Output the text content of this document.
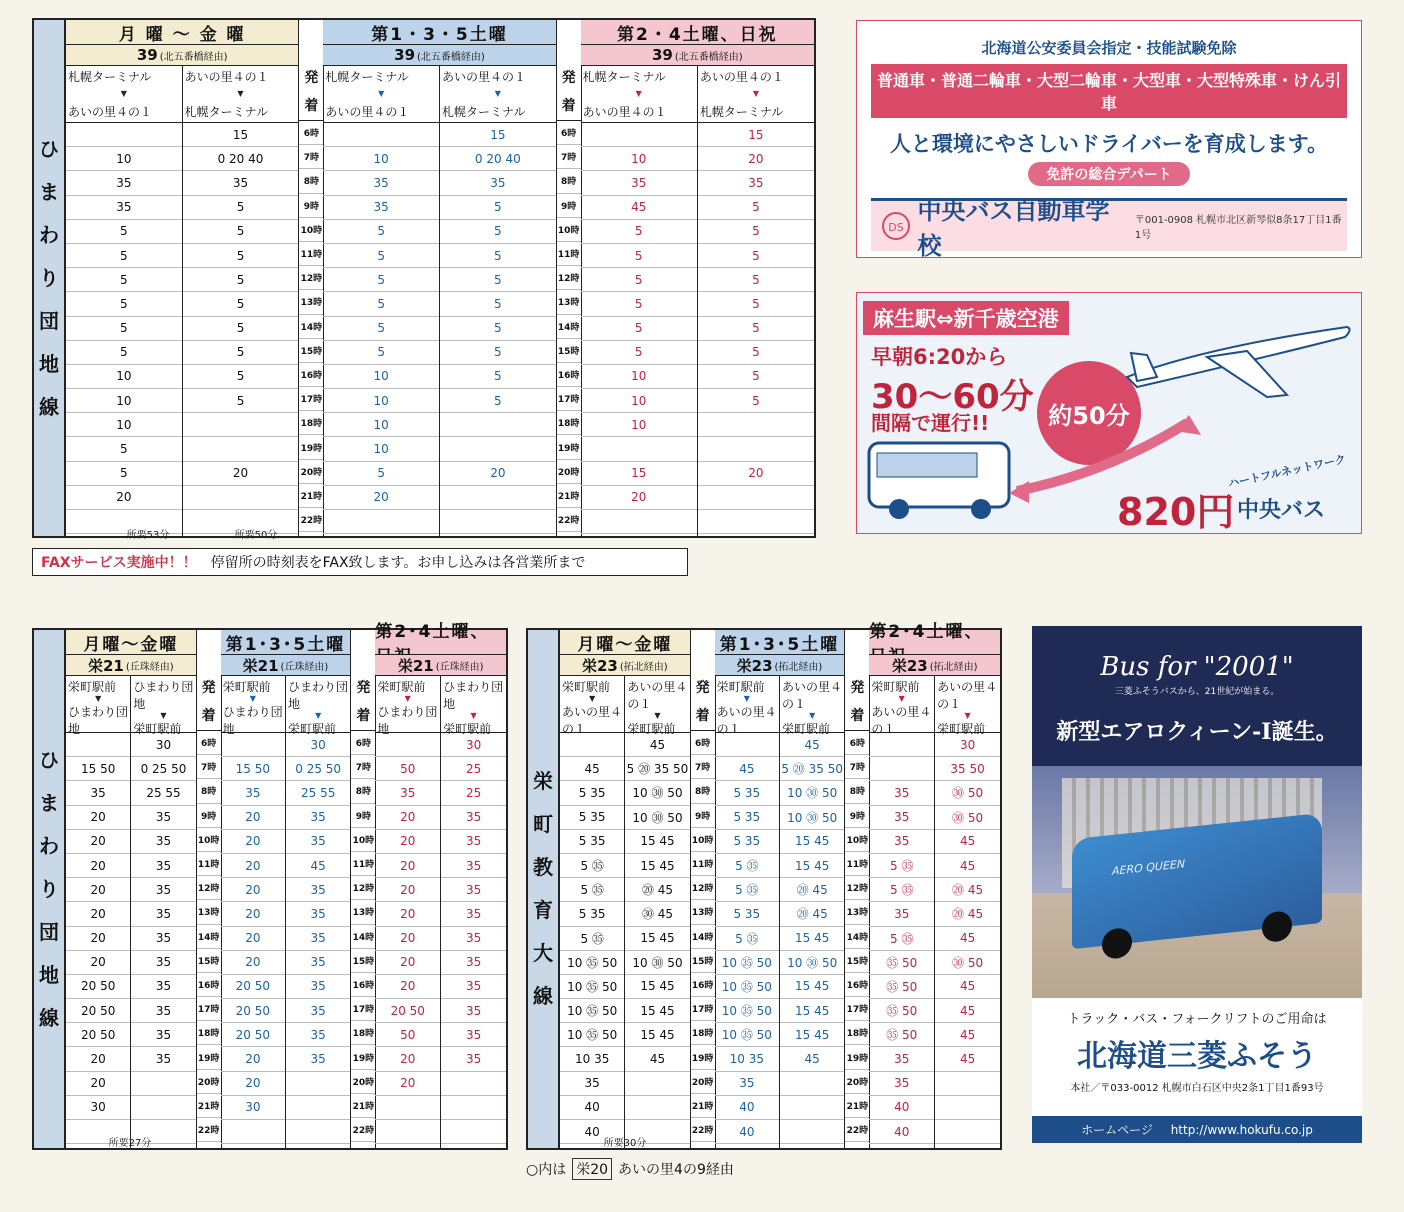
ひ
ま
わ
り
団
地
線
月 曜 〜 金 曜
39 (北五番橋経由)
札幌ターミナル
▼
あいの里４の１
あいの里４の１
▼
札幌ターミナル
10
35
35
5
5
5
5
5
5
10
10
10
5
5
20
15
0 20 40
35
5
5
5
5
5
5
5
5
5
20
発
着
6時
7時
8時
9時
10時
11時
12時
13時
14時
15時
16時
17時
18時
19時
20時
21時
22時
第1・3・5土曜
39 (北五番橋経由)
札幌ターミナル
▼
あいの里４の１
あいの里４の１
▼
札幌ターミナル
10
35
35
5
5
5
5
5
5
10
10
10
10
5
20
15
0 20 40
35
5
5
5
5
5
5
5
5
5
20
発
着
6時
7時
8時
9時
10時
11時
12時
13時
14時
15時
16時
17時
18時
19時
20時
21時
22時
第2・4土曜、日祝
39 (北五番橋経由)
札幌ターミナル
▼
あいの里４の１
あいの里４の１
▼
札幌ターミナル
10
35
45
5
5
5
5
5
5
10
10
10
15
20
15
20
35
5
5
5
5
5
5
5
5
5
20
FAXサービス実施中！！ 停留所の時刻表をFAX致します。お申し込みは各営業所まで
ひ
ま
わ
り
団
地
線
月曜〜金曜
栄21 (丘珠経由)
栄町駅前
▼
ひまわり団地
ひまわり団地
▼
栄町駅前
15 50
35
20
20
20
20
20
20
20
20 50
20 50
20 50
20
20
30
30
0 25 50
25 55
35
35
35
35
35
35
35
35
35
35
35
発
着
6時
7時
8時
9時
10時
11時
12時
13時
14時
15時
16時
17時
18時
19時
20時
21時
22時
第1･3･5土曜
栄21 (丘珠経由)
栄町駅前
▼
ひまわり団地
ひまわり団地
▼
栄町駅前
15 50
35
20
20
20
20
20
20
20
20 50
20 50
20 50
20
20
30
30
0 25 50
25 55
35
35
45
35
35
35
35
35
35
35
35
発
着
6時
7時
8時
9時
10時
11時
12時
13時
14時
15時
16時
17時
18時
19時
20時
21時
22時
第2･4土曜、
栄21 (丘珠経由)
栄町駅前
▼
ひまわり団地
ひまわり団地
▼
栄町駅前
50
35
20
20
20
20
20
20
20
20
20 50
50
20
20
30
25
25
35
35
35
35
35
35
35
35
35
35
35
栄
町
教
育
大
線
月曜〜金曜
栄23 (拓北経由)
栄町駅前
▼
あいの里４の１
あいの里４の１
▼
栄町駅前
45
5 35
5 35
5 35
5 ㉟
5 ㉟
5 35
5 ㉟
10 ㉟ 50
10 ㉟ 50
10 ㉟ 50
10 ㉟ 50
10 35
35
40
40
45
5 ⑳ 35 50
10 ㉚ 50
10 ㉚ 50
15 45
15 45
⑳ 45
㉚ 45
15 45
10 ㉚ 50
15 45
15 45
15 45
45
発
着
6時
7時
8時
9時
10時
11時
12時
13時
14時
15時
16時
17時
18時
19時
20時
21時
22時
第1･3･5土曜
栄23 (拓北経由)
栄町駅前
▼
あいの里４の１
あいの里４の１
▼
栄町駅前
45
5 35
5 35
5 35
5 ㉟
5 ㉟
5 35
5 ㉟
10 ㉟ 50
10 ㉟ 50
10 ㉟ 50
10 ㉟ 50
10 35
35
40
40
45
5 ⑳ 35 50
10 ㉚ 50
10 ㉚ 50
15 45
15 45
⑳ 45
⑳ 45
15 45
10 ㉚ 50
15 45
15 45
15 45
45
発
着
6時
7時
8時
9時
10時
11時
12時
13時
14時
15時
16時
17時
18時
19時
20時
21時
22時
第2･4土曜、
栄23 (拓北経由)
栄町駅前
▼
あいの里４の１
あいの里４の１
▼
栄町駅前
35
35
35
5 ㉟
5 ㉟
35
5 ㉟
㉟ 50
㉟ 50
㉟ 50
㉟ 50
35
35
40
40
30
35 50
㉚ 50
㉚ 50
45
45
⑳ 45
⑳ 45
45
㉚ 50
45
45
45
45
○内は 栄20 あいの里4の9経由
北海道公安委員会指定・技能試験免除
普通車・普通二輪車・大型二輪車・大型車・大型特殊車・けん引車
人と環境にやさしいドライバーを育成します。
免許の総合デパート
DS
中央バス自動車学校
〒001-0908 札幌市北区新琴似8条17丁目1番1号
麻生駅⇔新千歳空港
早朝6:20から
30〜60分
間隔で運行!! 約50分
820円
ハートフルネットワーク
中央バス
Bus for "2001"
三菱ふそうバスから、21世紀が始まる。
新型エアロクィーン-Ⅰ誕生。
AERO QUEEN
トラック・バス・フォークリフトのご用命は
北海道三菱ふそう
本社／〒033-0012 札幌市白石区中央2条1丁目1番93号
ホームページ http://www.hokufu.co.jp
所要53分	所要50分
所要27分	所要30分
